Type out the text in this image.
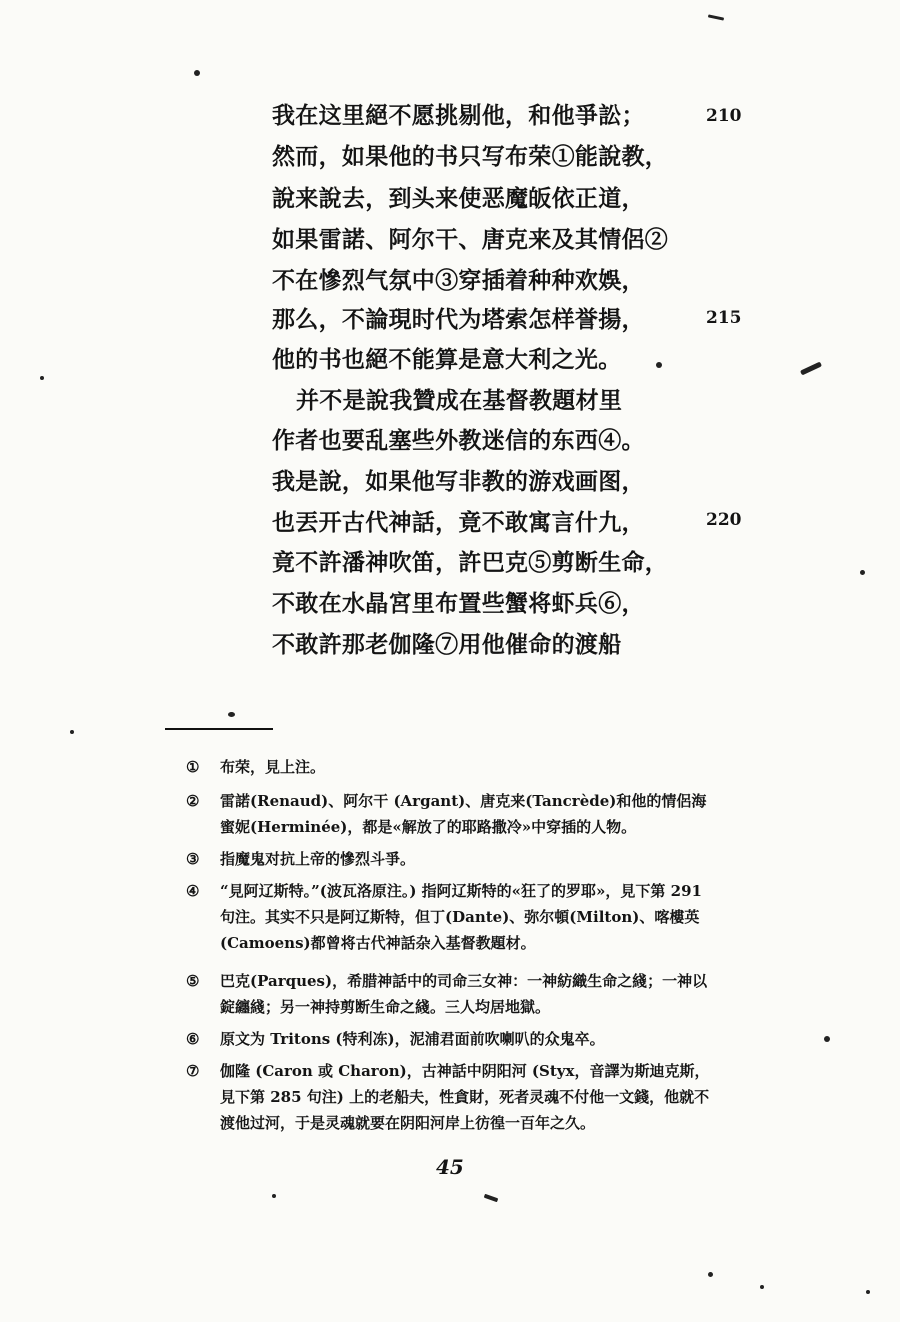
我在这里絕不愿挑剔他，和他爭訟；
然而，如果他的书只写布荣①能說教，
說来說去，到头来使恶魔皈依正道，
如果雷諾、阿尔干、唐克来及其情侶②
不在慘烈气氛中③穿插着种种欢娛，
那么，不論現时代为塔索怎样誉揚，
他的书也絕不能算是意大利之光。
并不是說我贊成在基督教題材里
作者也要乱塞些外教迷信的东西④。
我是說，如果他写非教的游戏画图，
也丟开古代神話，竟不敢寓言什九，
竟不許潘神吹笛，許巴克⑤剪断生命，
不敢在水晶宮里布置些蟹将虾兵⑥，
不敢許那老伽隆⑦用他催命的渡船
210
215
220
① 布荣，見上注。
② 雷諾(Renaud)、阿尔干 (Argant)、唐克来(Tancrède)和他的情侶海
蜜妮(Herminée)，都是«解放了的耶路撒冷»中穿插的人物。
③ 指魔鬼对抗上帝的慘烈斗爭。
④ “見阿辽斯特。”(波瓦洛原注。) 指阿辽斯特的«狂了的罗耶»，見下第 291
句注。其实不只是阿辽斯特，但丁(Dante)、弥尔頓(Milton)、喀樓英
(Camoens)都曾将古代神話杂入基督教題材。
⑤ 巴克(Parques)，希腊神話中的司命三女神：一神紡織生命之綫；一神以
錠纏綫；另一神持剪断生命之綫。三人均居地獄。
⑥ 原文为 Tritons (特利冻)，泥浦君面前吹喇叭的众鬼卒。
⑦ 伽隆 (Caron 或 Charon)，古神話中阴阳河 (Styx，音譯为斯迪克斯，
見下第 285 句注) 上的老船夫，性貪財，死者灵魂不付他一文錢，他就不
渡他过河，于是灵魂就要在阴阳河岸上彷徨一百年之久。
45
